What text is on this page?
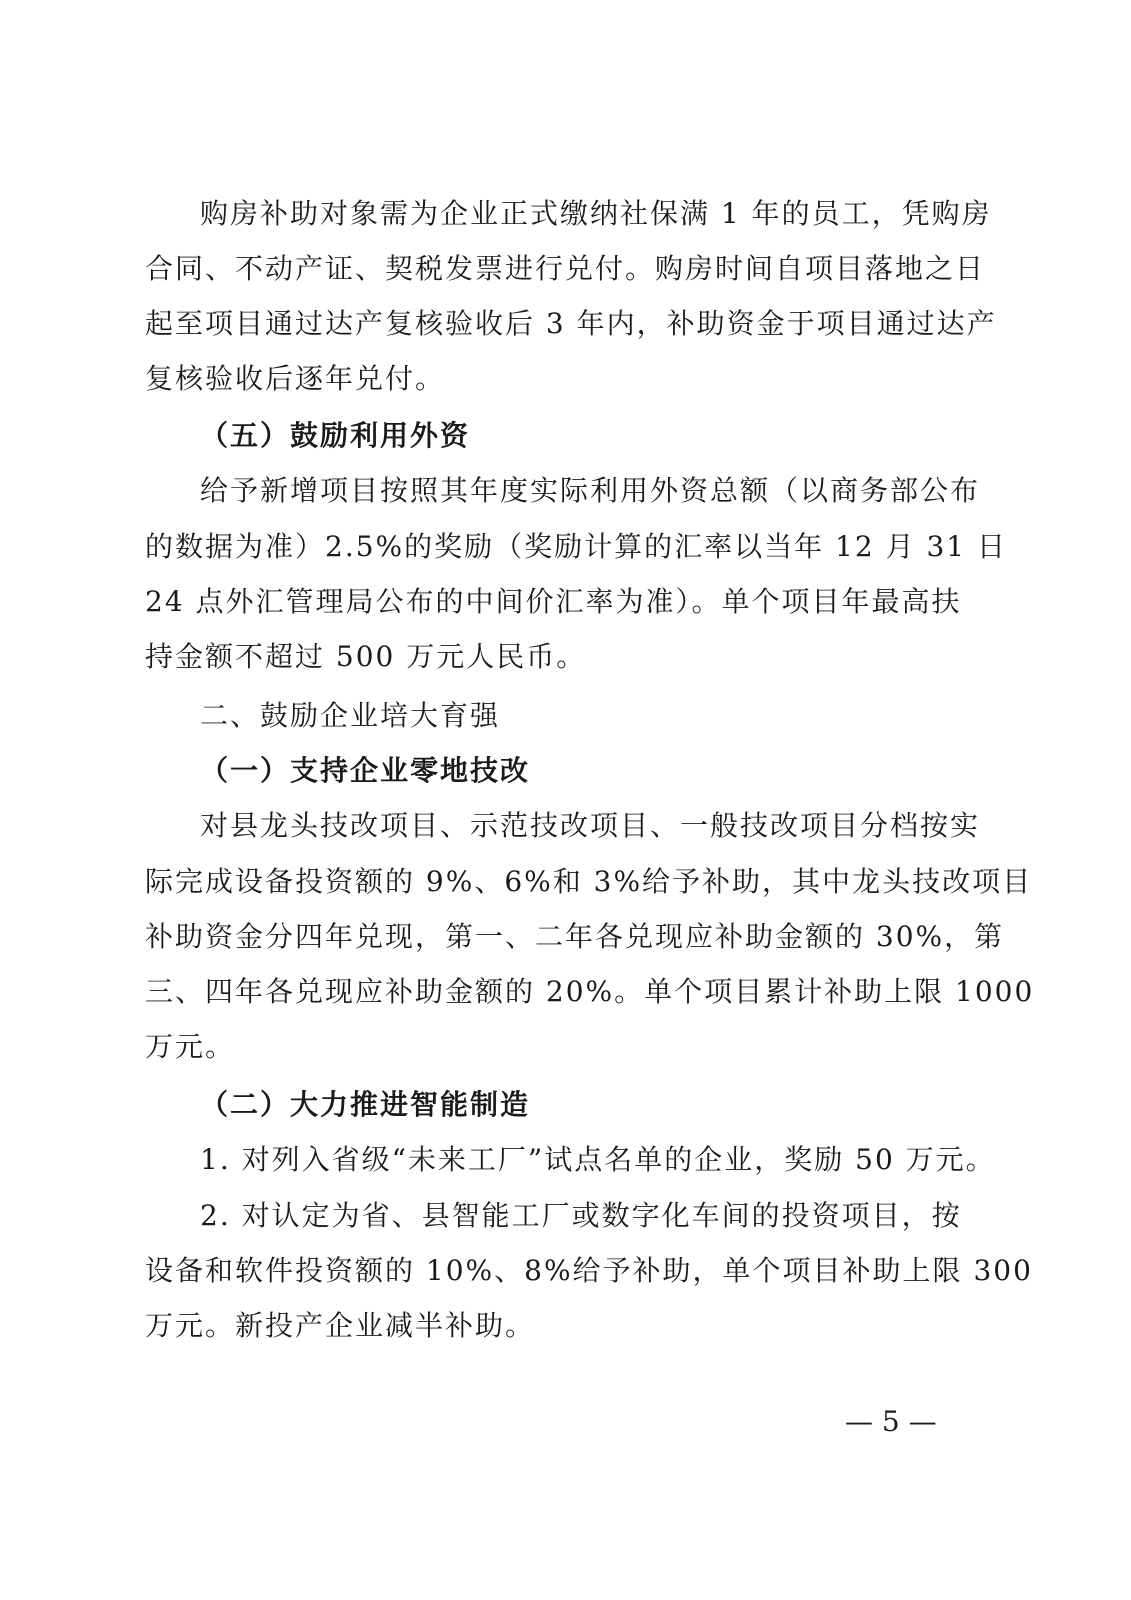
购房补助对象需为企业正式缴纳社保满 1 年的员工，凭购房
合同、不动产证、契税发票进行兑付。购房时间自项目落地之日
起至项目通过达产复核验收后 3 年内，补助资金于项目通过达产
复核验收后逐年兑付。
（五）鼓励利用外资
给予新增项目按照其年度实际利用外资总额（以商务部公布
的数据为准）2.5%的奖励（奖励计算的汇率以当年 12 月 31 日
24 点外汇管理局公布的中间价汇率为准）。单个项目年最高扶
持金额不超过 500 万元人民币。
二、鼓励企业培大育强
（一）支持企业零地技改
对县龙头技改项目、示范技改项目、一般技改项目分档按实
际完成设备投资额的 9%、6%和 3%给予补助，其中龙头技改项目
补助资金分四年兑现，第一、二年各兑现应补助金额的 30%，第
三、四年各兑现应补助金额的 20%。单个项目累计补助上限 1000
万元。
（二）大力推进智能制造
1. 对列入省级“未来工厂”试点名单的企业，奖励 50 万元。
2. 对认定为省、县智能工厂或数字化车间的投资项目，按
设备和软件投资额的 10%、8%给予补助，单个项目补助上限 300
万元。新投产企业减半补助。
— 5 —
